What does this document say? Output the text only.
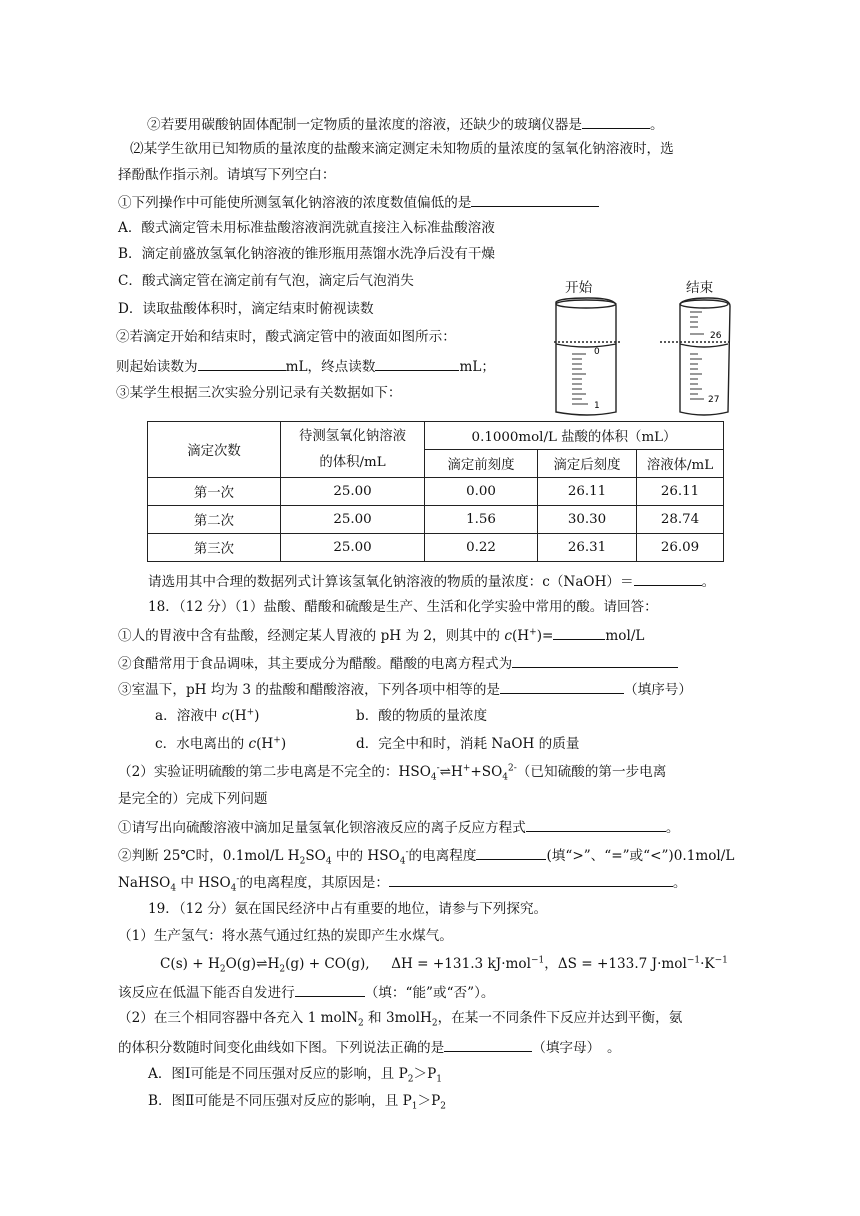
②若要用碳酸钠固体配制一定物质的量浓度的溶液，还缺少的玻璃仪器是	。
⑵某学生欲用已知物质的量浓度的盐酸来滴定测定未知物质的量浓度的氢氧化钠溶液时，选
择酚酞作指示剂。请填写下列空白：
①下列操作中可能使所测氢氧化钠溶液的浓度数值偏低的是
A．酸式滴定管未用标准盐酸溶液润洗就直接注入标准盐酸溶液
B．滴定前盛放氢氧化钠溶液的锥形瓶用蒸馏水洗净后没有干燥
C．酸式滴定管在滴定前有气泡，滴定后气泡消失
D．读取盐酸体积时，滴定结束时俯视读数
②若滴定开始和结束时，酸式滴定管中的液面如图所示：
则起始读数为	mL，终点读数	mL；
③某学生根据三次实验分别记录有关数据如下：
开始	结束
0
1
26
27
滴定次数	待测氢氧化钠溶液
的体积/mL	0.1000mol/L 盐酸的体积（mL）		
		滴定前刻度	滴定后刻度	溶液体/mL
第一次	25.00	0.00	26.11	26.11
第二次	25.00	1.56	30.30	28.74
第三次	25.00	0.22	26.31	26.09
请选用其中合理的数据列式计算该氢氧化钠溶液的物质的量浓度：c（NaOH）＝	。
18．（12 分）（1）盐酸、醋酸和硫酸是生产、生活和化学实验中常用的酸。请回答：
①人的胃液中含有盐酸，经测定某人胃液的 pH 为 2，则其中的 c(H+)=	mol/L
②食醋常用于食品调味，其主要成分为醋酸。醋酸的电离方程式为
③室温下，pH 均为 3 的盐酸和醋酸溶液，下列各项中相等的是	（填序号）
a．溶液中 c(H+)	b．酸的物质的量浓度
c．水电离出的 c(H+)	d．完全中和时，消耗 NaOH 的质量
（2）实验证明硫酸的第二步电离是不完全的：$HSO_4^-\rightleftharpoons H^++SO_4^{2-}$（已知硫酸的第一步电离
是完全的）完成下列问题
①请写出向硫酸溶液中滴加足量氢氧化钡溶液反应的离子反应方程式	。
②判断 25℃时，0.1mol/L $H_2SO_4$ 中的 $HSO_4^-$的电离程度	(填“>”、“=”或“<”)0.1mol/L
NaHSO$_4$ 中 $HSO_4^-$的电离程度，其原因是：	。
19．（12 分）氨在国民经济中占有重要的地位，请参与下列探究。
（1）生产氢气：将水蒸气通过红热的炭即产生水煤气。
$C(s) + H_2O(g)\rightleftharpoons H_2(g) + CO(g)$,     ΔH = +131.3 kJ·mol$^{-1}$，ΔS = +133.7 $J\cdot mol^{-1}\cdot K^{-1}$
该反应在低温下能否自发进行	（填：“能”或“否”）。
（2）在三个相同容器中各充入 1 molN$_2$ 和 3molH$_2$，在某一不同条件下反应并达到平衡，氨
的体积分数随时间变化曲线如下图。下列说法正确的是	（填字母）　。
A．图Ⅰ可能是不同压强对反应的影响，且 $P_2>P_1$
B．图Ⅱ可能是不同压强对反应的影响，且 $P_1>P_2$
